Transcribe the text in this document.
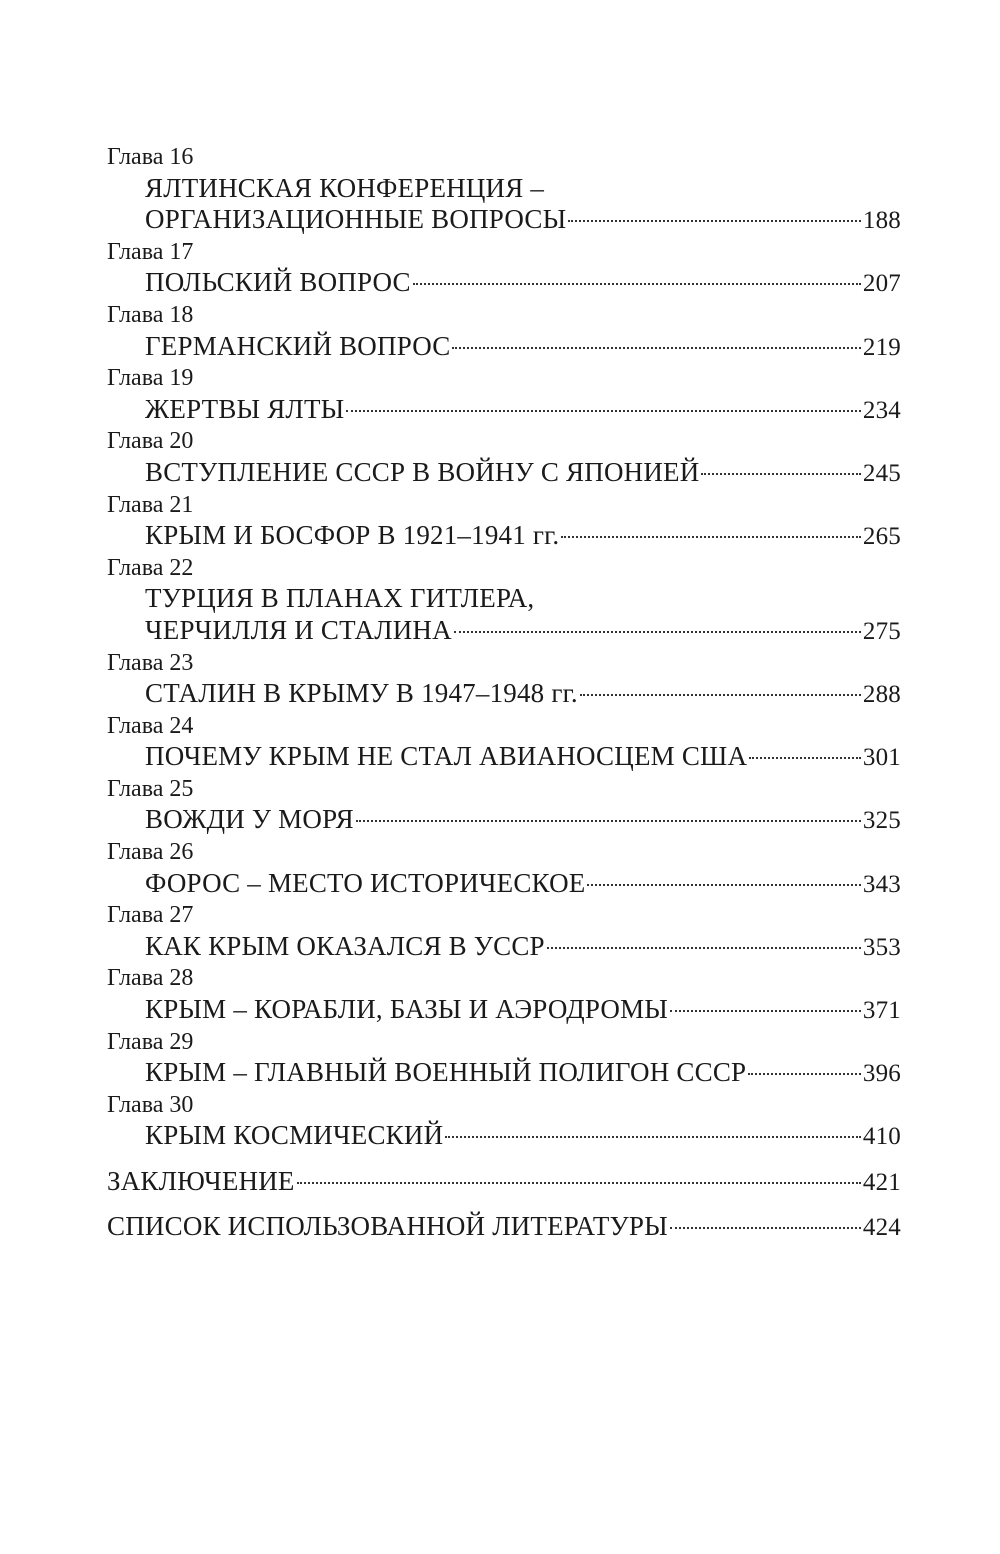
Глава 16
ЯЛТИНСКАЯ КОНФЕРЕНЦИЯ –
ОРГАНИЗАЦИОННЫЕ ВОПРОСЫ	188
Глава 17
ПОЛЬСКИЙ ВОПРОС	207
Глава 18
ГЕРМАНСКИЙ ВОПРОС	219
Глава 19
ЖЕРТВЫ ЯЛТЫ	234
Глава 20
ВСТУПЛЕНИЕ СССР В ВОЙНУ С ЯПОНИЕЙ	245
Глава 21
КРЫМ И БОСФОР В 1921–1941 гг.	265
Глава 22
ТУРЦИЯ В ПЛАНАХ ГИТЛЕРА,
ЧЕРЧИЛЛЯ И СТАЛИНА	275
Глава 23
СТАЛИН В КРЫМУ В 1947–1948 гг.	288
Глава 24
ПОЧЕМУ КРЫМ НЕ СТАЛ АВИАНОСЦЕМ США	301
Глава 25
ВОЖДИ У МОРЯ	325
Глава 26
ФОРОС – МЕСТО ИСТОРИЧЕСКОЕ	343
Глава 27
КАК КРЫМ ОКАЗАЛСЯ В УССР	353
Глава 28
КРЫМ – КОРАБЛИ, БАЗЫ И АЭРОДРОМЫ	371
Глава 29
КРЫМ – ГЛАВНЫЙ ВОЕННЫЙ ПОЛИГОН СССР	396
Глава 30
КРЫМ КОСМИЧЕСКИЙ	410
ЗАКЛЮЧЕНИЕ	421
СПИСОК ИСПОЛЬЗОВАННОЙ ЛИТЕРАТУРЫ	424
